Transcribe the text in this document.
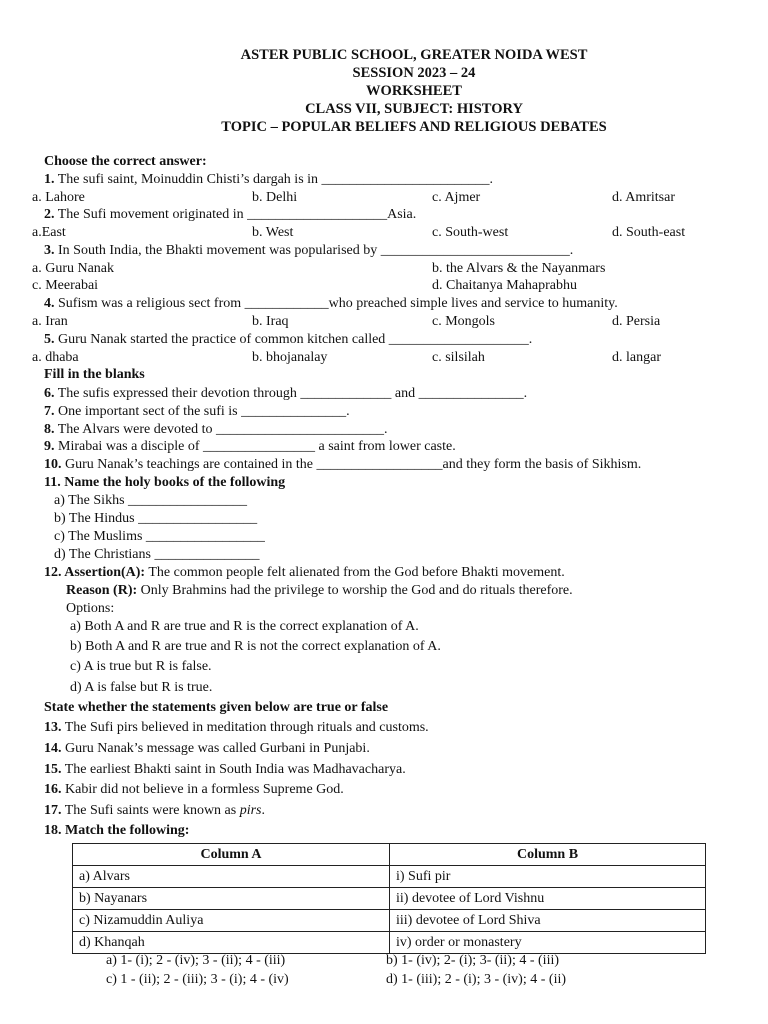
ASTER PUBLIC SCHOOL, GREATER NOIDA WEST
SESSION 2023 – 24
WORKSHEET
CLASS VII, SUBJECT: HISTORY
TOPIC – POPULAR BELIEFS AND RELIGIOUS DEBATES
Choose the correct answer:
1. The sufi saint, Moinuddin Chisti’s dargah is in ________________________.
a. Lahore	b. Delhi	c. Ajmer	d. Amritsar
2. The Sufi movement originated in ____________________Asia.
a.East	b. West	c. South-west	d. South-east
3. In South India, the Bhakti movement was popularised by ___________________________.
a. Guru Nanak	b. the Alvars & the Nayanmars
c. Meerabai	d. Chaitanya Mahaprabhu
4. Sufism was a religious sect from ____________who preached simple lives and service to humanity.
a. Iran	b. Iraq	c. Mongols	d. Persia
5. Guru Nanak started the practice of common kitchen called ____________________.
a. dhaba	b. bhojanalay	c. silsilah	d. langar
Fill in the blanks
6. The sufis expressed their devotion through _____________ and _______________.
7. One important sect of the sufi is _______________.
8. The Alvars were devoted to ________________________.
9. Mirabai was a disciple of ________________ a saint from lower caste.
10. Guru Nanak’s teachings are contained in the __________________and they form the basis of Sikhism.
11. Name the holy books of the following
a) The Sikhs _________________
b) The Hindus _________________
c) The Muslims _________________
d) The Christians _______________
12. Assertion(A): The common people felt alienated from the God before Bhakti movement.
Reason (R): Only Brahmins had the privilege to worship the God and do rituals therefore.
Options:
a) Both A and R are true and R is the correct explanation of A.
b) Both A and R are true and R is not the correct explanation of A.
c) A is true but R is false.
d) A is false but R is true.
State whether the statements given below are true or false
13. The Sufi pirs believed in meditation through rituals and customs.
14. Guru Nanak’s message was called Gurbani in Punjabi.
15. The earliest Bhakti saint in South India was Madhavacharya.
16. Kabir did not believe in a formless Supreme God.
17. The Sufi saints were known as pirs.
18. Match the following:
Column A	Column B
a) Alvars	i) Sufi pir
b) Nayanars	ii) devotee of Lord Vishnu
c) Nizamuddin Auliya	iii) devotee of Lord Shiva
d) Khanqah	iv) order or monastery
a) 1- (i); 2 - (iv); 3 - (ii); 4 - (iii)	b) 1- (iv); 2- (i); 3- (ii); 4 - (iii)
c) 1 - (ii); 2 - (iii); 3 - (i); 4 - (iv)	d) 1- (iii); 2 - (i); 3 - (iv); 4 - (ii)
